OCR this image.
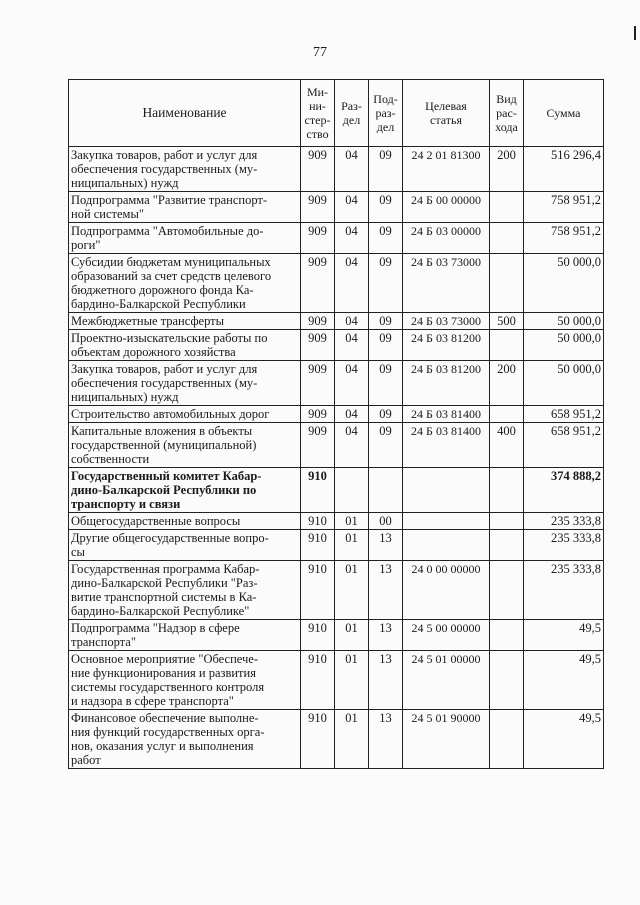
77
Наименование	Ми-
ни-
стер-
ство	Раз-
дел	Под-
раз-
дел	Целевая
статья	Вид
рас-
хода	Сумма
Закупка товаров, работ и услуг для
обеспечения государственных (му-
ниципальных) нужд	909	04	09	24 2 01 81300	200	516 296,4
Подпрограмма "Развитие транспорт-
ной системы"	909	04	09	24 Б 00 00000		758 951,2
Подпрограмма "Автомобильные до-
роги"	909	04	09	24 Б 03 00000		758 951,2
Субсидии бюджетам муниципальных
образований за счет средств целевого
бюджетного дорожного фонда Ка-
бардино-Балкарской Республики	909	04	09	24 Б 03 73000		50 000,0
Межбюджетные трансферты	909	04	09	24 Б 03 73000	500	50 000,0
Проектно-изыскательские работы по
объектам дорожного хозяйства	909	04	09	24 Б 03 81200		50 000,0
Закупка товаров, работ и услуг для
обеспечения государственных (му-
ниципальных) нужд	909	04	09	24 Б 03 81200	200	50 000,0
Строительство автомобильных дорог	909	04	09	24 Б 03 81400		658 951,2
Капитальные вложения в объекты
государственной (муниципальной)
собственности	909	04	09	24 Б 03 81400	400	658 951,2
Государственный комитет Кабар-
дино-Балкарской Республики по
транспорту и связи	910					374 888,2
Общегосударственные вопросы	910	01	00			235 333,8
Другие общегосударственные вопро-
сы	910	01	13			235 333,8
Государственная программа Кабар-
дино-Балкарской Республики "Раз-
витие транспортной системы в Ка-
бардино-Балкарской Республике"	910	01	13	24 0 00 00000		235 333,8
Подпрограмма "Надзор в сфере
транспорта"	910	01	13	24 5 00 00000		49,5
Основное мероприятие "Обеспече-
ние функционирования и развития
системы государственного контроля
и надзора в сфере транспорта"	910	01	13	24 5 01 00000		49,5
Финансовое обеспечение выполне-
ния функций государственных орга-
нов, оказания услуг и выполнения
работ	910	01	13	24 5 01 90000		49,5
